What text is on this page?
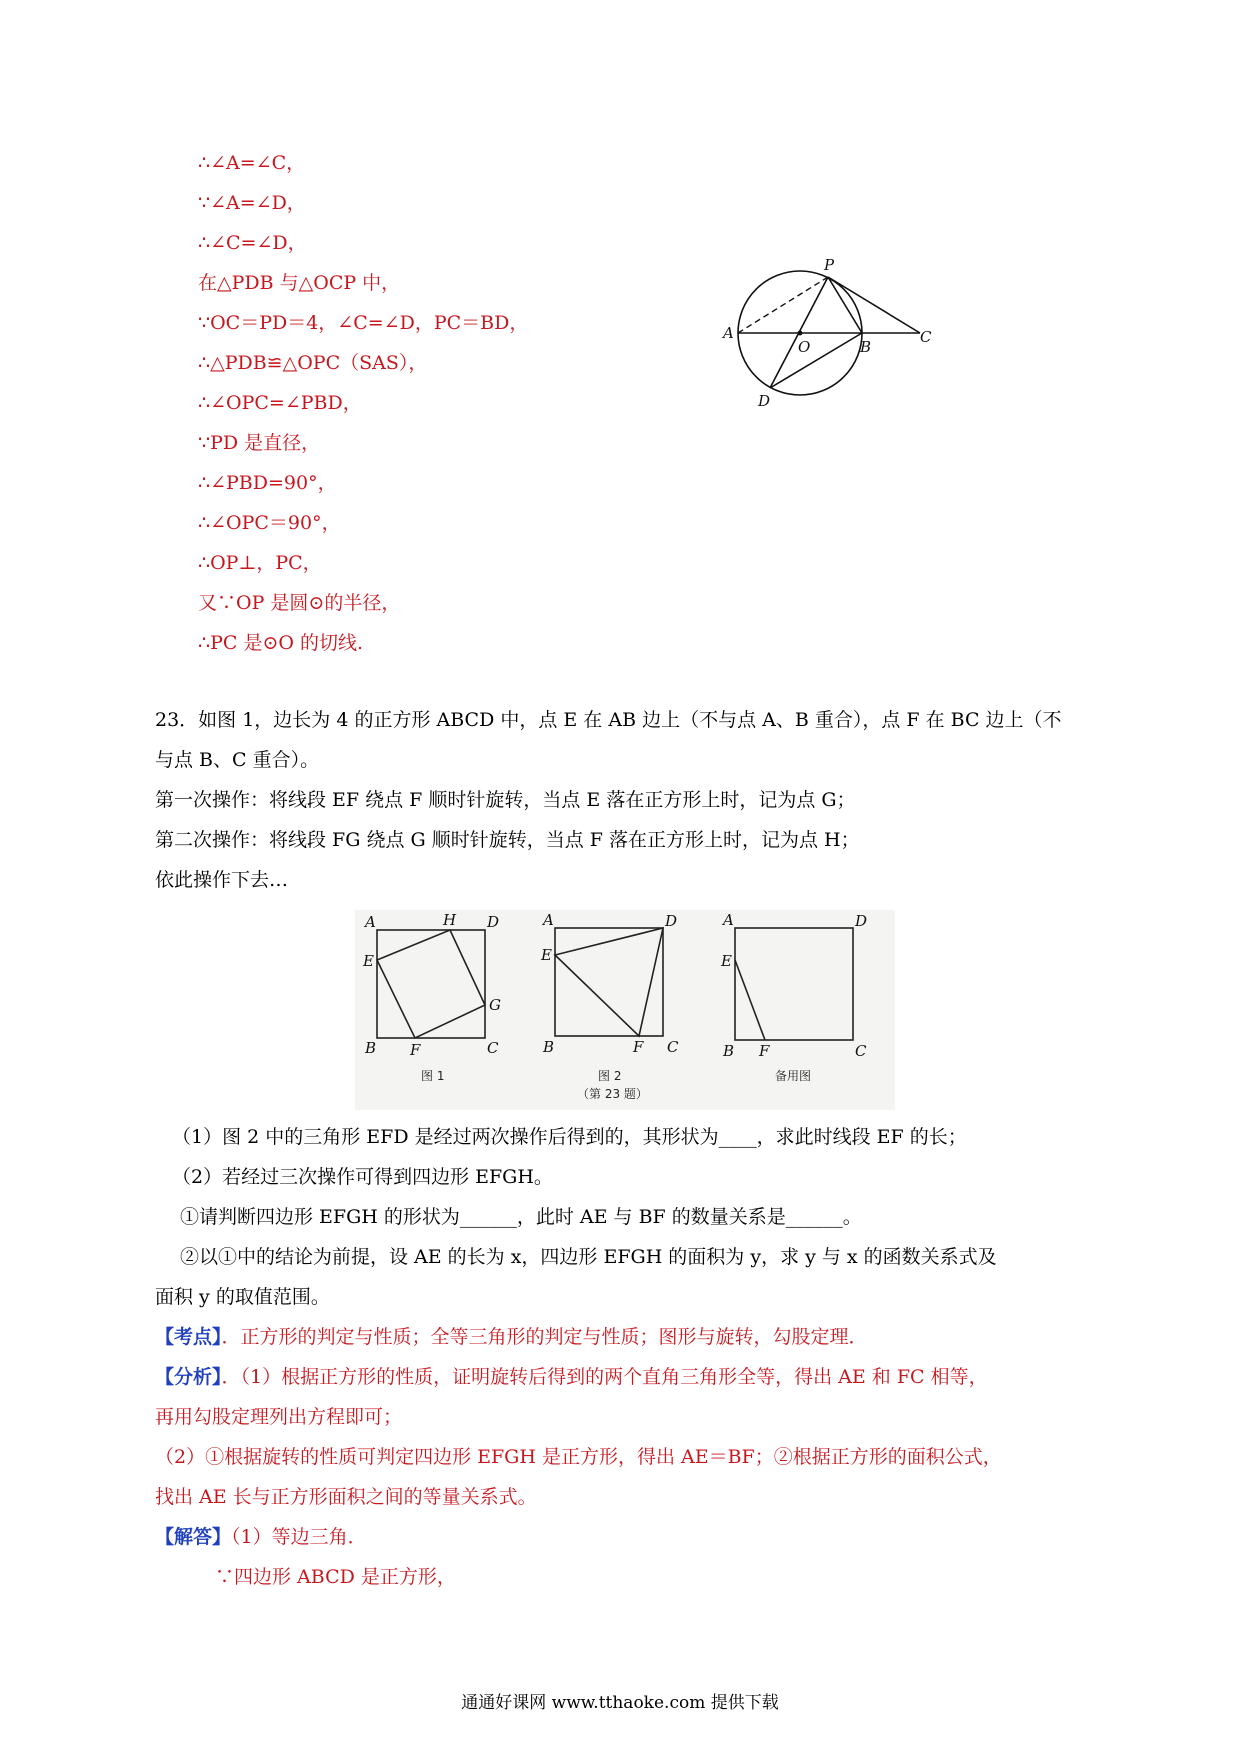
∴∠A=∠C，
∵∠A=∠D，
∴∠C=∠D，
在△PDB 与△OCP 中，
∵OC＝PD＝4，∠C=∠D，PC＝BD，
∴△PDB≌△OPC（SAS），
∴∠OPC=∠PBD，
∵PD 是直径，
∴∠PBD=90°，
∴∠OPC＝90°，
∴OP⊥，PC，
又∵OP 是圆⊙的半径，
∴PC 是⊙O 的切线.
P
A
O	B
C
D
23．如图 1，边长为 4 的正方形 ABCD 中，点 E 在 AB 边上（不与点 A、B 重合），点 F 在 BC 边上（不
与点 B、C 重合）。
第一次操作：将线段 EF 绕点 F 顺时针旋转，当点 E 落在正方形上时，记为点 G；
第二次操作：将线段 FG 绕点 G 顺时针旋转，当点 F 落在正方形上时，记为点 H；
依此操作下去…
A	H D
E
G
B F	C
图 1
A	D
E
B	F C
图 2
（第 23 题）
A	D
E
B F	C
备用图
（1）图 2 中的三角形 EFD 是经过两次操作后得到的，其形状为____，求此时线段 EF 的长；
（2）若经过三次操作可得到四边形 EFGH。
①请判断四边形 EFGH 的形状为______，此时 AE 与 BF 的数量关系是______。
②以①中的结论为前提，设 AE 的长为 x，四边形 EFGH 的面积为 y，求 y 与 x 的函数关系式及
面积 y 的取值范围。
【考点】．正方形的判定与性质；全等三角形的判定与性质；图形与旋转，勾股定理．
【分析】．（1）根据正方形的性质，证明旋转后得到的两个直角三角形全等，得出 AE 和 FC 相等，
再用勾股定理列出方程即可；
（2）①根据旋转的性质可判定四边形 EFGH 是正方形，得出 AE＝BF；②根据正方形的面积公式，
找出 AE 长与正方形面积之间的等量关系式。
【解答】（1）等边三角．
∵四边形 ABCD 是正方形，
通通好课网 www.tthaoke.com 提供下载
